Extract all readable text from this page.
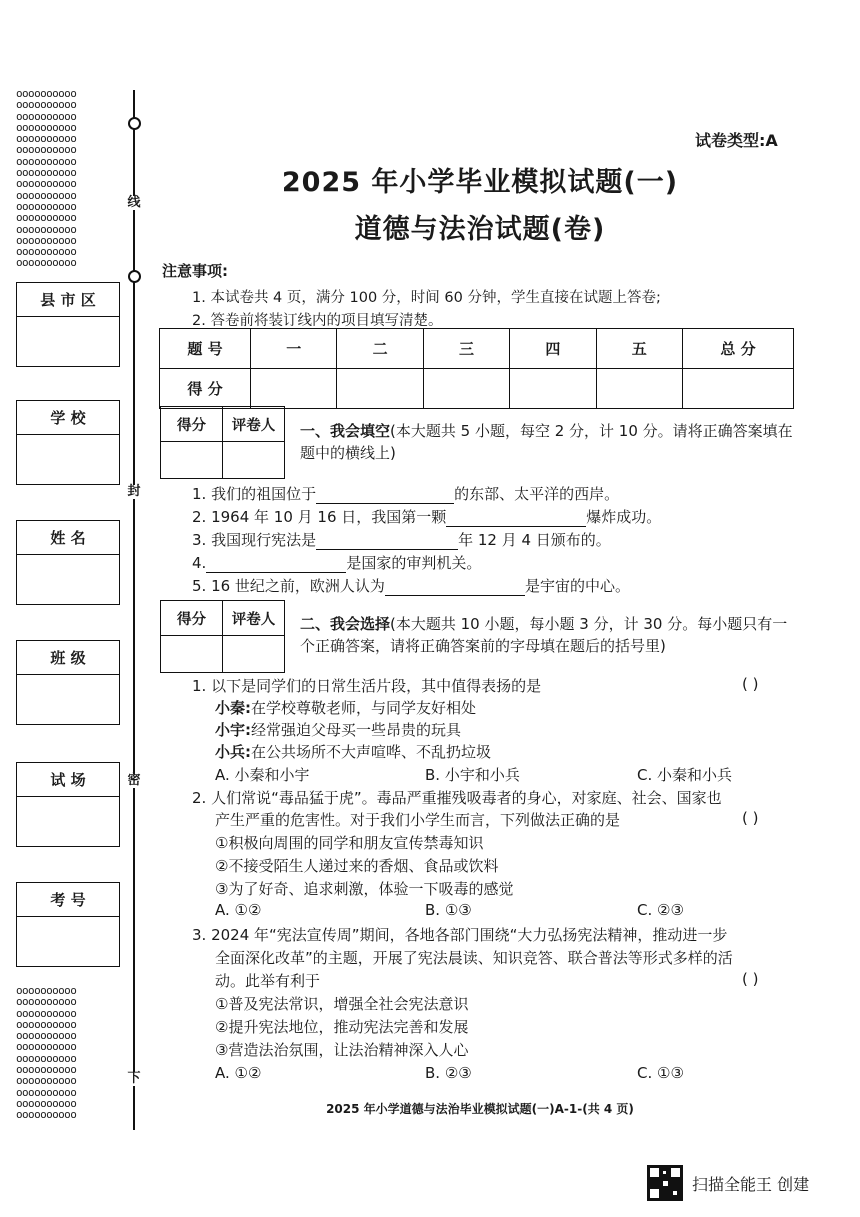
oooooooooo
oooooooooo
oooooooooo
oooooooooo
oooooooooo
oooooooooo
oooooooooo
oooooooooo
oooooooooo
oooooooooo
oooooooooo
oooooooooo
oooooooooo
oooooooooo
oooooooooo
oooooooooo
线
封
密
下
县 市 区
学 校
姓 名
班 级
试 场
考 号
oooooooooo
oooooooooo
oooooooooo
oooooooooo
oooooooooo
oooooooooo
oooooooooo
oooooooooo
oooooooooo
oooooooooo
oooooooooo
oooooooooo
试卷类型:A
2025 年小学毕业模拟试题(一)
道德与法治试题(卷)
注意事项:
1. 本试卷共 4 页，满分 100 分，时间 60 分钟，学生直接在试题上答卷;
2. 答卷前将装订线内的项目填写清楚。
题 号	一	二	三	四	五	总 分
得 分						
得分	评卷人	一、我会填空(本大题共 5 小题，每空 2 分，计 10 分。请将正确答案填在题中的横线上)
1. 我们的祖国位于	的东部、太平洋的西岸。
2. 1964 年 10 月 16 日，我国第一颗	爆炸成功。
3. 我国现行宪法是	年 12 月 4 日颁布的。
4.	是国家的审判机关。
5. 16 世纪之前，欧洲人认为	是宇宙的中心。
得分	评卷人	二、我会选择(本大题共 10 小题，每小题 3 分，计 30 分。每小题只有一个正确答案，请将正确答案前的字母填在题后的括号里)
1. 以下是同学们的日常生活片段，其中值得表扬的是	( )
小秦:在学校尊敬老师，与同学友好相处
小宇:经常强迫父母买一些昂贵的玩具
小兵:在公共场所不大声喧哗、不乱扔垃圾
A. 小秦和小宇	B. 小宇和小兵	C. 小秦和小兵
2. 人们常说“毒品猛于虎”。毒品严重摧残吸毒者的身心，对家庭、社会、国家也
产生严重的危害性。对于我们小学生而言，下列做法正确的是	( )
①积极向周围的同学和朋友宣传禁毒知识
②不接受陌生人递过来的香烟、食品或饮料
③为了好奇、追求刺激，体验一下吸毒的感觉
A. ①②	B. ①③	C. ②③
3. 2024 年“宪法宣传周”期间，各地各部门围绕“大力弘扬宪法精神，推动进一步
全面深化改革”的主题，开展了宪法晨读、知识竞答、联合普法等形式多样的活
动。此举有利于	( )
①普及宪法常识，增强全社会宪法意识
②提升宪法地位，推动宪法完善和发展
③营造法治氛围，让法治精神深入人心
A. ①②	B. ②③	C. ①③
2025 年小学道德与法治毕业模拟试题(一)A-1-(共 4 页)
扫描全能王 创建
